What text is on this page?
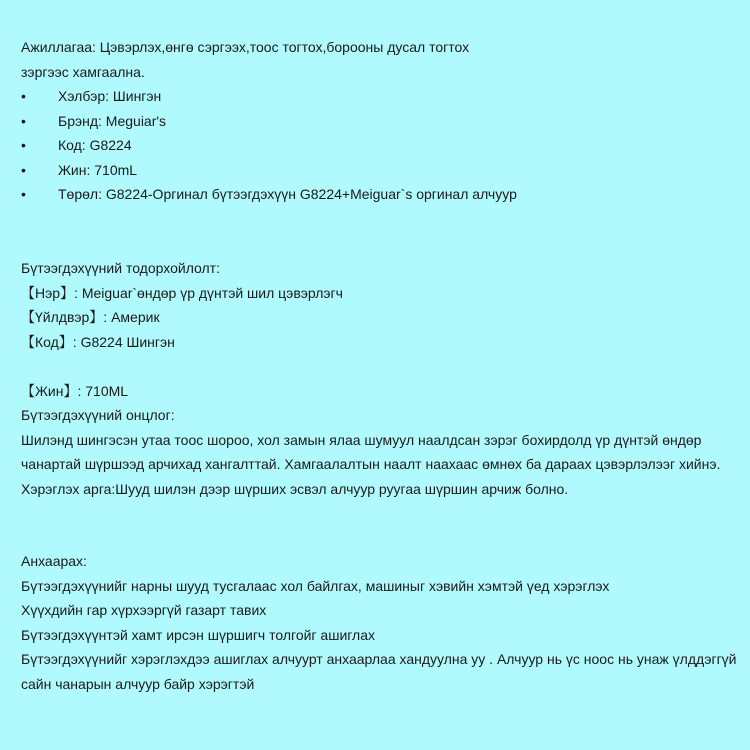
Ажиллагаа: Цэвэрлэх,өнгө сэргээх,тоос тогтох,борооны дусал тогтох
зэргээс хамгаална.
•	Хэлбэр: Шингэн
•	Брэнд: Meguiar's
•	Код: G8224
•	Жин: 710mL
•	Төрөл: G8224-Оргинал бүтээгдэхүүн G8224+Meiguar`s оргинал алчуур
Бүтээгдэхүүний тодорхойлолт:
【Нэр】: Meiguar`өндөр үр дүнтэй шил цэвэрлэгч
【Үйлдвэр】: Америк
【Код】: G8224 Шингэн
【Жин】: 710ML
Бүтээгдэхүүний онцлог:
Шилэнд шингэсэн утаа тоос шороо, хол замын ялаа шумуул наалдсан зэрэг бохирдолд үр дүнтэй өндөр
чанартай шүршээд арчихад хангалттай. Хамгаалалтын наалт наахаас өмнөх ба дараах цэвэрлэлээг хийнэ.
Хэрэглэх арга:Шууд шилэн дээр шүрших эсвэл алчуур руугаа шүршин арчиж болно.
Анхаарах:
Бүтээгдэхүүнийг нарны шууд тусгалаас хол байлгах, машиныг хэвийн хэмтэй үед хэрэглэх
Хүүхдийн гар хүрхээргүй газарт тавих
Бүтээгдэхүүнтэй хамт ирсэн шүршигч толгойг ашиглах
Бүтээгдэхүүнийг хэрэглэхдээ ашиглах алчуурт анхаарлаа хандуулна уу . Алчуур нь үс ноос нь унаж үлддэггүй
сайн чанарын алчуур байр хэрэгтэй
